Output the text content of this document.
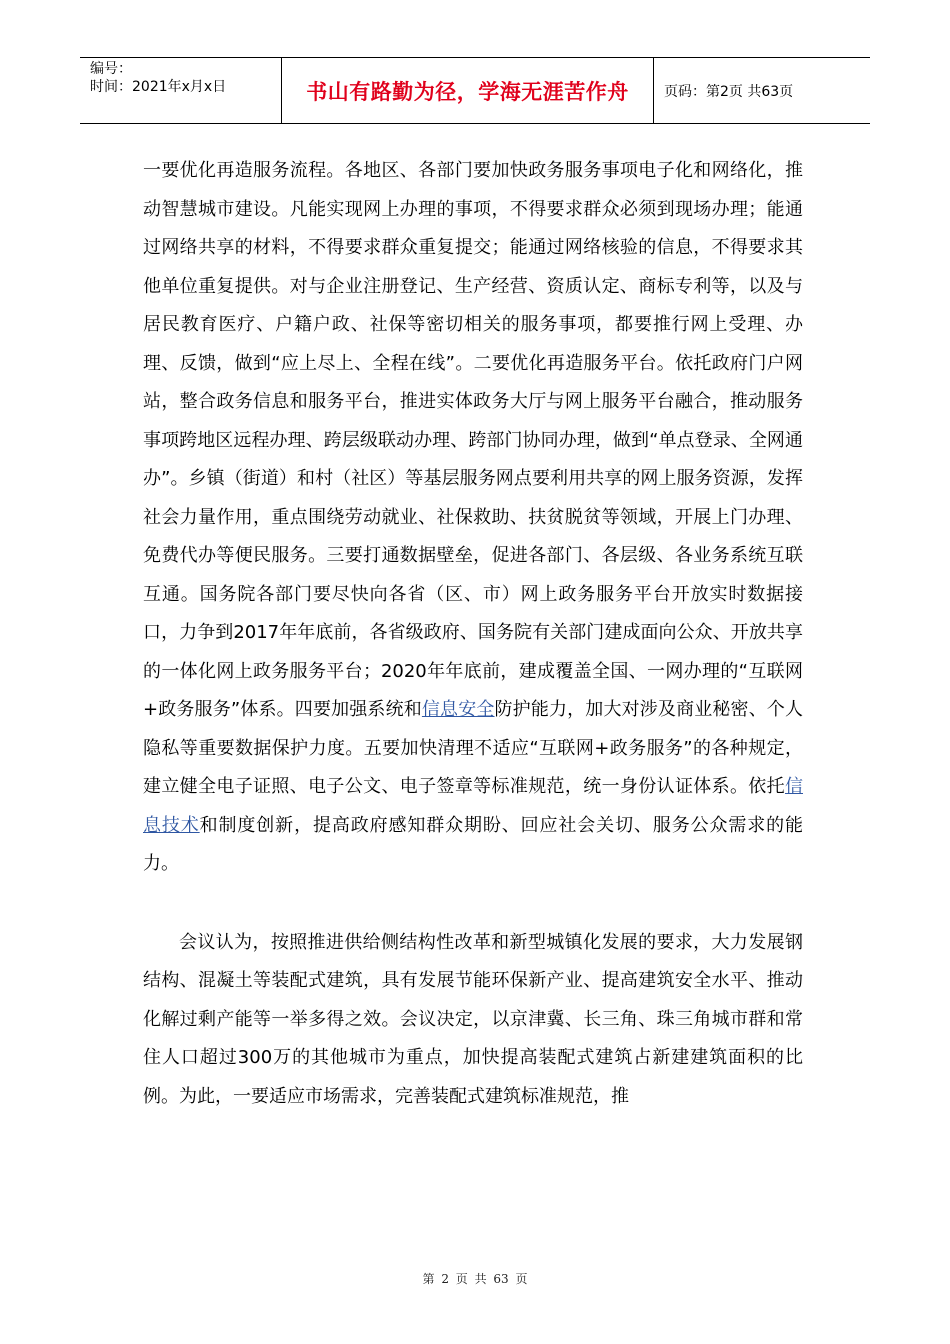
编号：
时间：2021年x月x日	书山有路勤为径，学海无涯苦作舟	页码：第2页 共63页

一要优化再造服务流程。各地区、各部门要加快政务服务事项电子化和网络化，推动智慧城市建设。凡能实现网上办理的事项，不得要求群众必须到现场办理；能通过网络共享的材料，不得要求群众重复提交；能通过网络核验的信息，不得要求其他单位重复提供。对与企业注册登记、生产经营、资质认定、商标专利等，以及与居民教育医疗、户籍户政、社保等密切相关的服务事项，都要推行网上受理、办理、反馈，做到“应上尽上、全程在线”。二要优化再造服务平台。依托政府门户网站，整合政务信息和服务平台，推进实体政务大厅与网上服务平台融合，推动服务事项跨地区远程办理、跨层级联动办理、跨部门协同办理，做到“单点登录、全网通办”。乡镇（街道）和村（社区）等基层服务网点要利用共享的网上服务资源，发挥社会力量作用，重点围绕劳动就业、社保救助、扶贫脱贫等领域，开展上门办理、免费代办等便民服务。三要打通数据壁垒，促进各部门、各层级、各业务系统互联互通。国务院各部门要尽快向各省（区、市）网上政务服务平台开放实时数据接口，力争到2017年年底前，各省级政府、国务院有关部门建成面向公众、开放共享的一体化网上政务服务平台；2020年年底前，建成覆盖全国、一网办理的“互联网+政务服务”体系。四要加强系统和信息安全防护能力，加大对涉及商业秘密、个人隐私等重要数据保护力度。五要加快清理不适应“互联网+政务服务”的各种规定，建立健全电子证照、电子公文、电子签章等标准规范，统一身份认证体系。依托信息技术和制度创新，提高政府感知群众期盼、回应社会关切、服务公众需求的能力。

会议认为，按照推进供给侧结构性改革和新型城镇化发展的要求，大力发展钢结构、混凝土等装配式建筑，具有发展节能环保新产业、提高建筑安全水平、推动化解过剩产能等一举多得之效。会议决定，以京津冀、长三角、珠三角城市群和常住人口超过300万的其他城市为重点，加快提高装配式建筑占新建建筑面积的比例。为此，一要适应市场需求，完善装配式建筑标准规范，推

第 2 页 共 63 页
